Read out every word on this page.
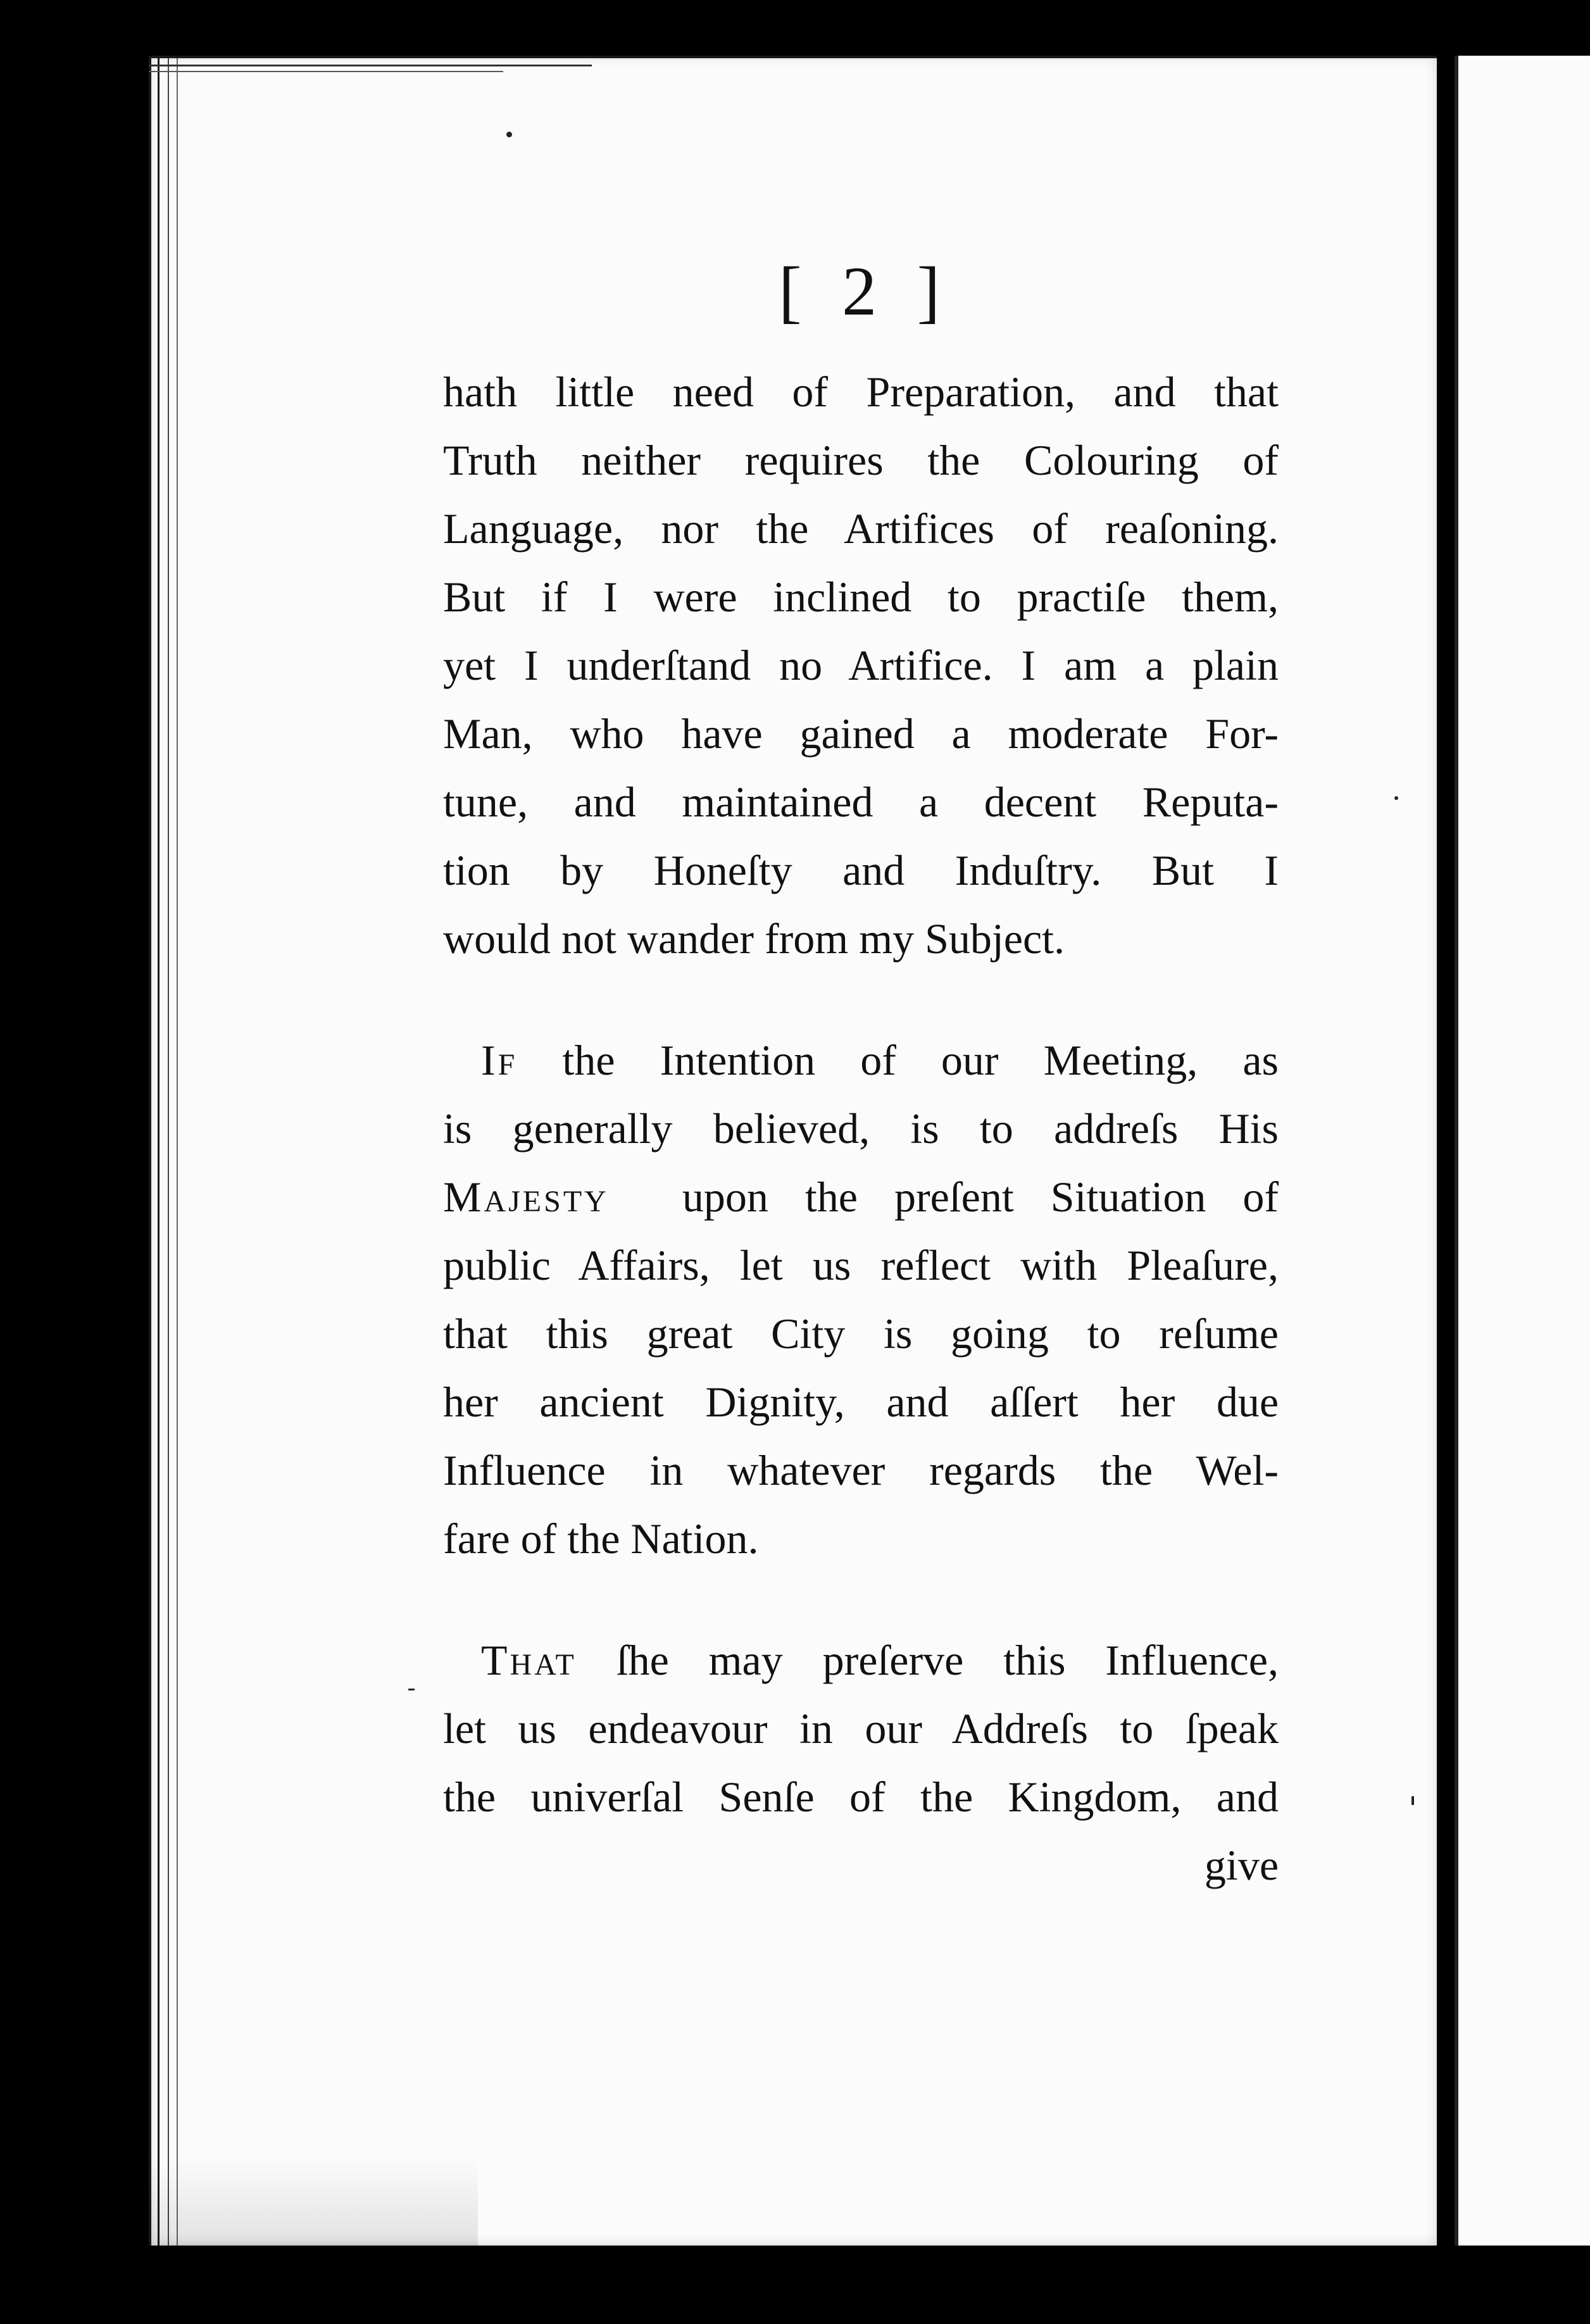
[ 2 ]
hath little need of Preparation, and that
Truth neither requires the Colouring of
Language, nor the Artifices of reaſoning.
But if I were inclined to practiſe them,
yet I underſtand no Artifice. I am a plain
Man, who have gained a moderate For-
tune, and maintained a decent Reputa-
tion by Honeſty and Induſtry. But I
would not wander from my Subject.
If the Intention of our Meeting, as
is generally believed, is to addreſs His
Majesty upon the preſent Situation of
public Affairs, let us reflect with Pleaſure,
that this great City is going to reſume
her ancient Dignity, and aſſert her due
Influence in whatever regards the Wel-
fare of the Nation.
That ſhe may preſerve this Influence,
let us endeavour in our Addreſs to ſpeak
the univerſal Senſe of the Kingdom, and
give
